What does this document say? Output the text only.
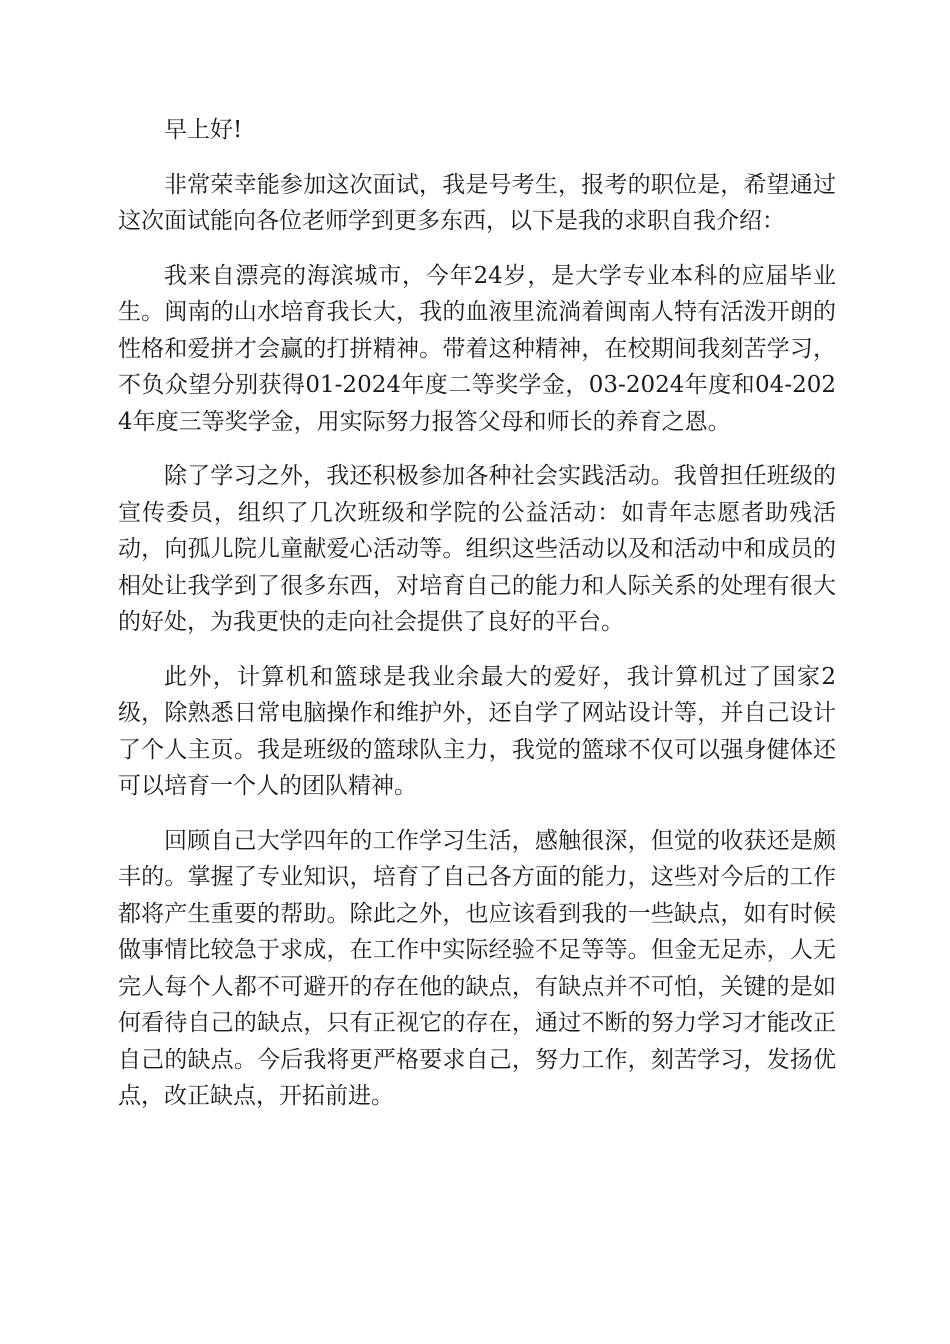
早上好!

非常荣幸能参加这次面试，我是号考生，报考的职位是，希望通过这次面试能向各位老师学到更多东西，以下是我的求职自我介绍：

我来自漂亮的海滨城市，今年24岁，是大学专业本科的应届毕业生。闽南的山水培育我长大，我的血液里流淌着闽南人特有活泼开朗的性格和爱拼才会赢的打拼精神。带着这种精神，在校期间我刻苦学习，不负众望分别获得01-2024年度二等奖学金，03-2024年度和04-2024年度三等奖学金，用实际努力报答父母和师长的养育之恩。

除了学习之外，我还积极参加各种社会实践活动。我曾担任班级的宣传委员，组织了几次班级和学院的公益活动：如青年志愿者助残活动，向孤儿院儿童献爱心活动等。组织这些活动以及和活动中和成员的相处让我学到了很多东西，对培育自己的能力和人际关系的处理有很大的好处，为我更快的走向社会提供了良好的平台。

此外，计算机和篮球是我业余最大的爱好，我计算机过了国家2级，除熟悉日常电脑操作和维护外，还自学了网站设计等，并自己设计了个人主页。我是班级的篮球队主力，我觉的篮球不仅可以强身健体还可以培育一个人的团队精神。

回顾自己大学四年的工作学习生活，感触很深，但觉的收获还是颇丰的。掌握了专业知识，培育了自己各方面的能力，这些对今后的工作都将产生重要的帮助。除此之外，也应该看到我的一些缺点，如有时候做事情比较急于求成，在工作中实际经验不足等等。但金无足赤，人无完人每个人都不可避开的存在他的缺点，有缺点并不可怕，关键的是如何看待自己的缺点，只有正视它的存在，通过不断的努力学习才能改正自己的缺点。今后我将更严格要求自己，努力工作，刻苦学习，发扬优点，改正缺点，开拓前进。
